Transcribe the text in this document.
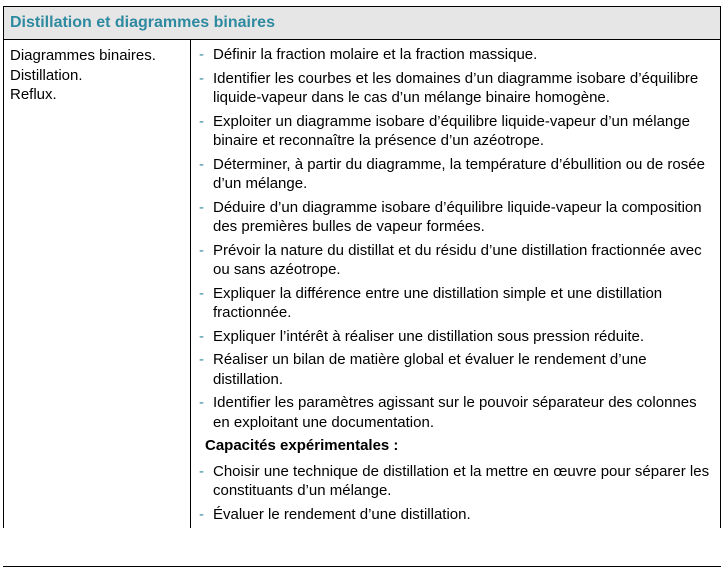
Distillation et diagrammes binaires
Diagrammes binaires.
Distillation.
Reflux.
- Définir la fraction molaire et la fraction massique.
- Identifier les courbes et les domaines d’un diagramme isobare d’équilibre liquide-vapeur dans le cas d’un mélange binaire homogène.
- Exploiter un diagramme isobare d’équilibre liquide-vapeur d’un mélange binaire et reconnaître la présence d’un azéotrope.
- Déterminer, à partir du diagramme, la température d’ébullition ou de rosée d’un mélange.
- Déduire d’un diagramme isobare d’équilibre liquide-vapeur la composition des premières bulles de vapeur formées.
- Prévoir la nature du distillat et du résidu d’une distillation fractionnée avec ou sans azéotrope.
- Expliquer la différence entre une distillation simple et une distillation fractionnée.
- Expliquer l’intérêt à réaliser une distillation sous pression réduite.
- Réaliser un bilan de matière global et évaluer le rendement d’une distillation.
- Identifier les paramètres agissant sur le pouvoir séparateur des colonnes en exploitant une documentation.
Capacités expérimentales :
- Choisir une technique de distillation et la mettre en œuvre pour séparer les constituants d’un mélange.
- Évaluer le rendement d’une distillation.
